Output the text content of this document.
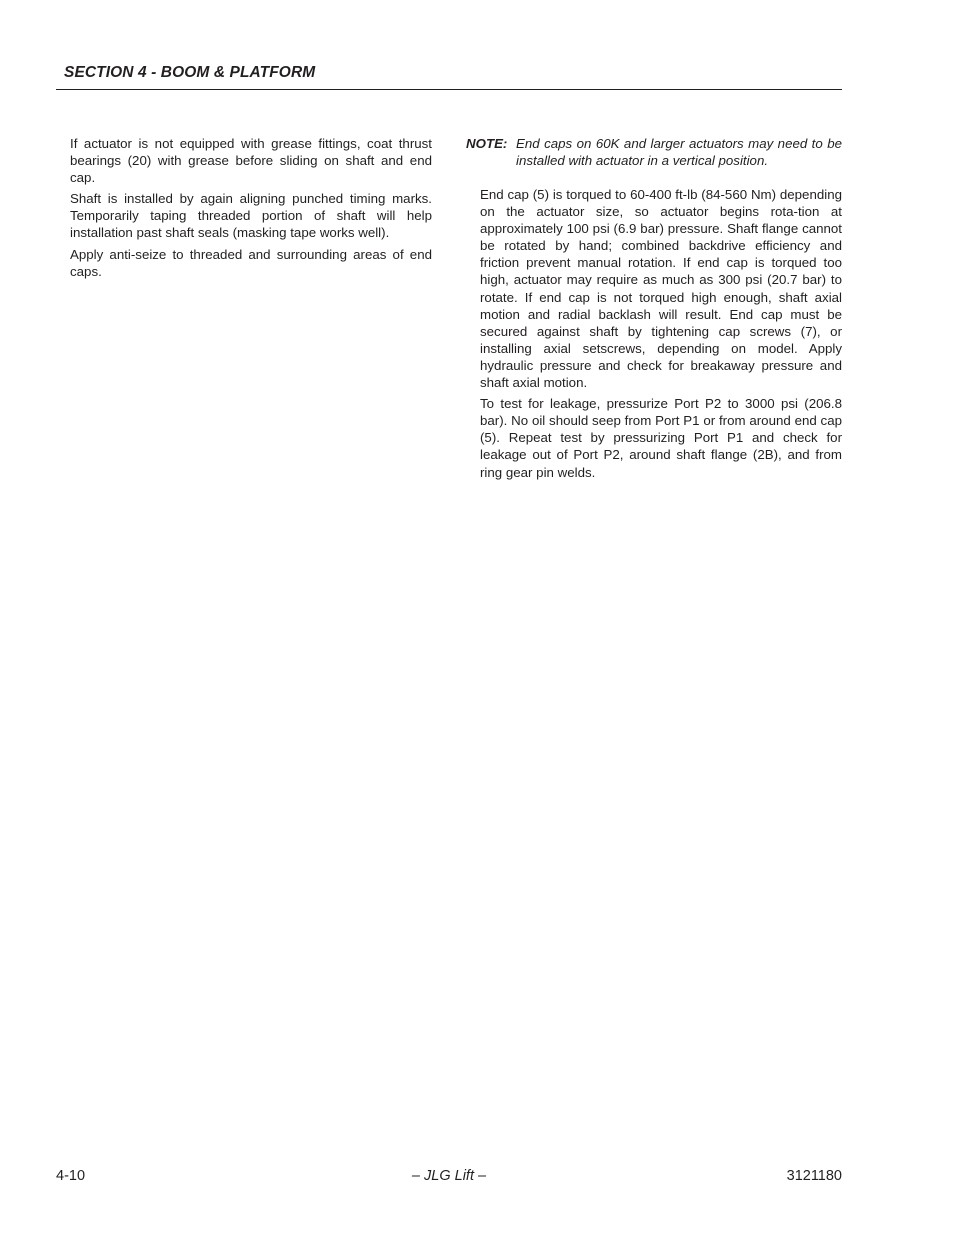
SECTION 4 - BOOM & PLATFORM

If actuator is not equipped with grease fittings, coat thrust bearings (20) with grease before sliding on shaft and end cap.

Shaft is installed by again aligning punched timing marks. Temporarily taping threaded portion of shaft will help installation past shaft seals (masking tape works well).

Apply anti-seize to threaded and surrounding areas of end caps.

NOTE: End caps on 60K and larger actuators may need to be installed with actuator in a vertical position.

End cap (5) is torqued to 60-400 ft-lb (84-560 Nm) depending on the actuator size, so actuator begins rota-tion at approximately 100 psi (6.9 bar) pressure. Shaft flange cannot be rotated by hand; combined backdrive efficiency and friction prevent manual rotation. If end cap is torqued too high, actuator may require as much as 300 psi (20.7 bar) to rotate. If end cap is not torqued high enough, shaft axial motion and radial backlash will result. End cap must be secured against shaft by tightening cap screws (7), or installing axial setscrews, depending on model. Apply hydraulic pressure and check for breakaway pressure and shaft axial motion.

To test for leakage, pressurize Port P2 to 3000 psi (206.8 bar). No oil should seep from Port P1 or from around end cap (5). Repeat test by pressurizing Port P1 and check for leakage out of Port P2, around shaft flange (2B), and from ring gear pin welds.

4-10	– JLG Lift –	3121180
